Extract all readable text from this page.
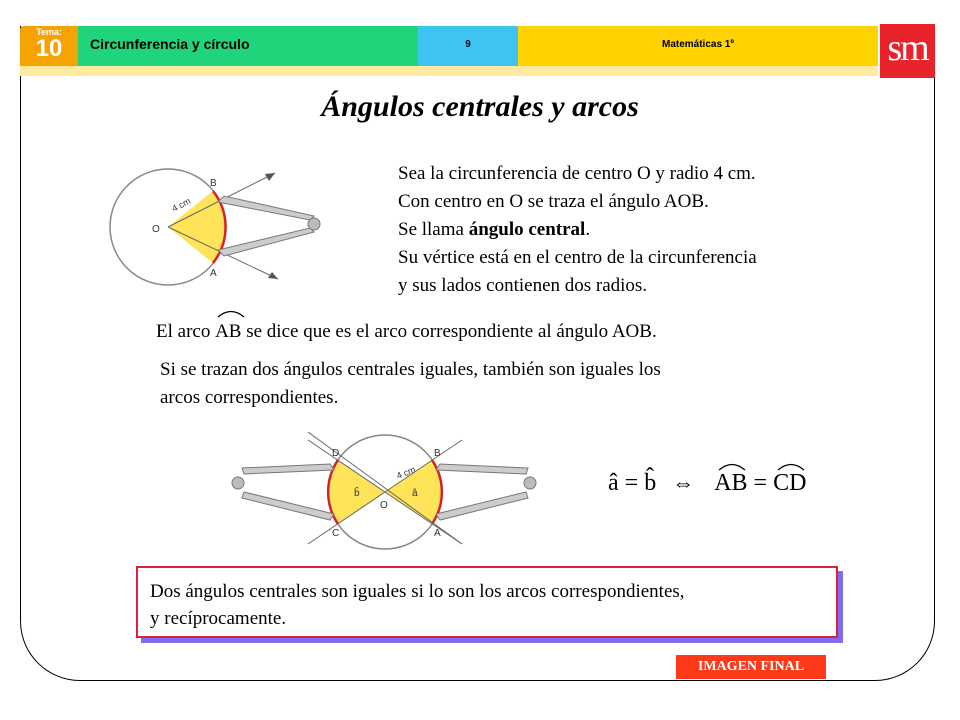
Tema:
10	Circunferencia y círculo	9	Matemáticas 1º	sm
Ángulos centrales y arcos
O
B
A
4 cm
Sea la circunferencia de centro O y radio 4 cm.
Con centro en O se traza el ángulo AOB.
Se llama ángulo central.
Su vértice está en el centro de la circunferencia
y sus lados contienen dos radios.
El arco
AB se dice que es el arco correspondiente al ángulo AOB.
Si se trazan dos ángulos centrales iguales, también son iguales los
arcos correspondientes.
O
B
A
D
C
4 cm
â
b̂	â = b̂ ⇔ AB = CD
Dos ángulos centrales son iguales si lo son los arcos correspondientes,
y recíprocamente.
IMAGEN FINAL
